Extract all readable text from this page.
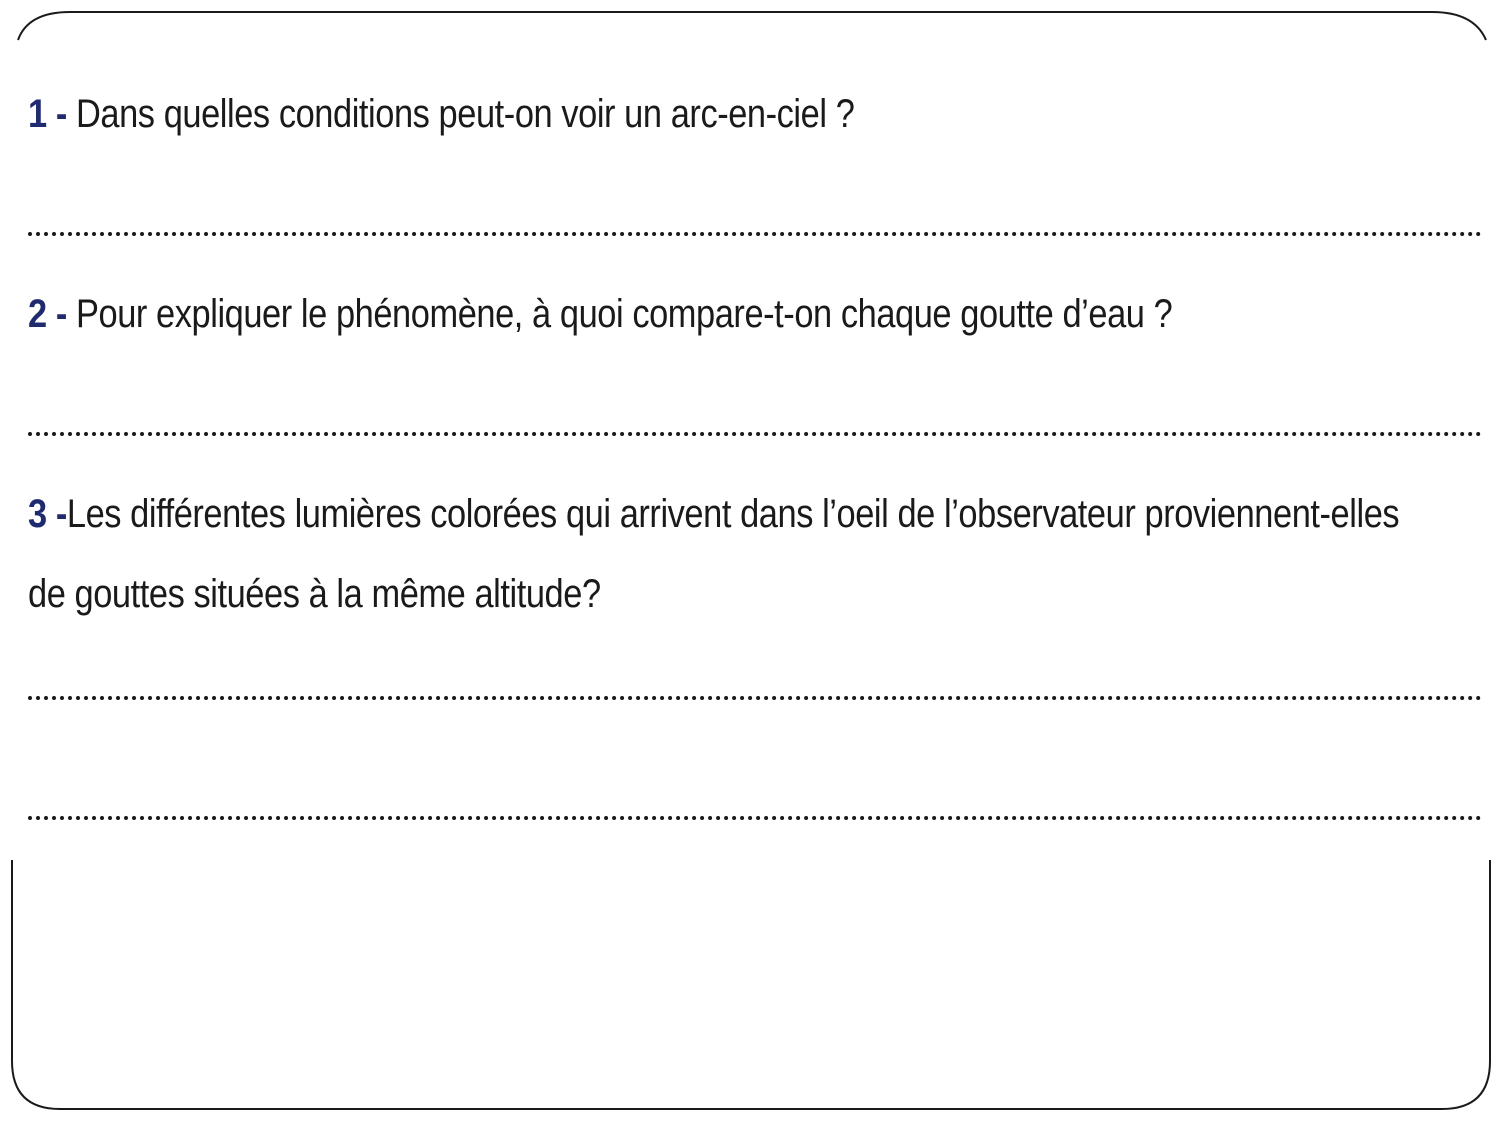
1 - Dans quelles conditions peut-on voir un arc-en-ciel ?
2 - Pour expliquer le phénomène, à quoi compare-t-on chaque goutte d’eau ?
3 -Les différentes lumières colorées qui arrivent dans l’oeil de l’observateur proviennent-elles
de gouttes situées à la même altitude?
